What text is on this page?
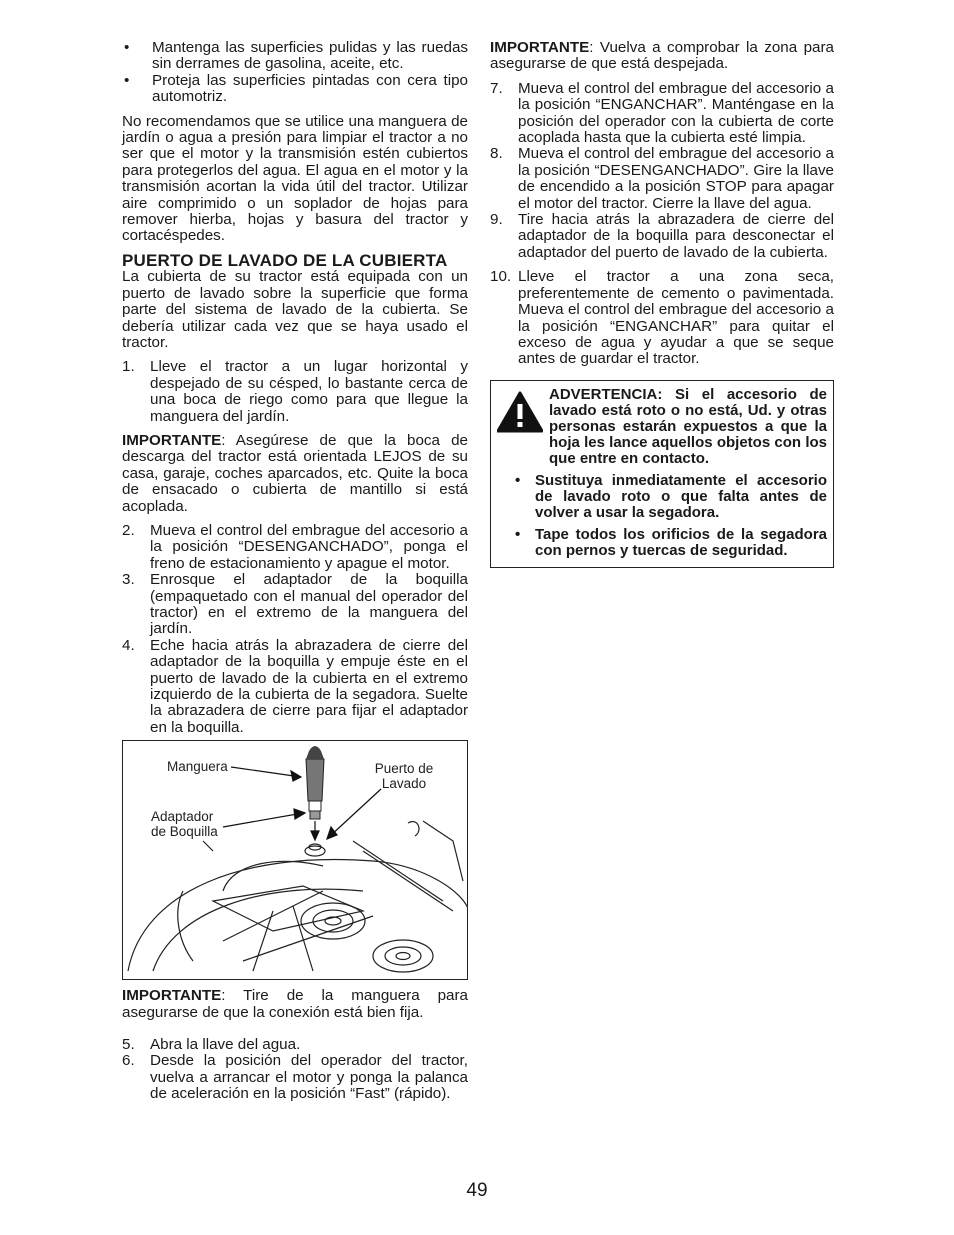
•	Mantenga las superficies pulidas y las ruedas sin derrames de gasolina, aceite, etc.
•	Proteja las superficies pintadas con cera tipo automotriz.

No recomendamos que se utilice una manguera de jardín o agua a presión para limpiar el tractor a no ser que el motor y la transmisión estén cubiertos para protegerlos del agua. El agua en el motor y la transmisión acortan la vida útil del tractor. Utilizar aire comprimido o un soplador de hojas para remover hierba, hojas y basura del tractor y cortacéspedes.

PUERTO DE LAVADO DE LA CUBIERTA

La cubierta de su tractor está equipada con un puerto de lavado sobre la superficie que forma parte del sistema de lavado de la cubierta. Se debería utilizar cada vez que se haya usado el tractor.

1.	Lleve el tractor a un lugar horizontal y despejado de su césped, lo bastante cerca de una boca de riego como para que llegue la manguera del jardín.

IMPORTANTE: Asegúrese de que la boca de descarga del tractor está orientada LEJOS de su casa, garaje, coches aparcados, etc. Quite la boca de ensacado o cubierta de mantillo si está acoplada.

2.	Mueva el control del embrague del accesorio a la posición “DESENGANCHADO”, ponga el freno de estacionamiento y apague el motor.
3.	Enrosque el adaptador de la boquilla (empaquetado con el manual del operador del tractor) en el extremo de la manguera del jardín.
4.	Eche hacia atrás la abrazadera de cierre del adaptador de la boquilla y empuje éste en el puerto de lavado de la cubierta en el extremo izquierdo de la cubierta de la segadora. Suelte la abrazadera de cierre para fijar el adaptador en la boquilla.
Manguera	Puerto de Lavado
Adaptador de Boquilla

IMPORTANTE: Tire de la manguera para asegurarse de que la conexión está bien fija.

5.	Abra la llave del agua.
6.	Desde la posición del operador del tractor, vuelva a arrancar el motor y ponga la palanca de aceleración en la posición “Fast” (rápido).

IMPORTANTE: Vuelva a comprobar la zona para asegurarse de que está despejada.

7.	Mueva el control del embrague del accesorio a la posición “ENGANCHAR”. Manténgase en la posición del operador con la cubierta de corte acoplada hasta que la cubierta esté limpia.
8.	Mueva el control del embrague del accesorio a la posición “DESENGANCHADO”. Gire la llave de encendido a la posición STOP para apagar el motor del tractor. Cierre la llave del agua.
9.	Tire hacia atrás la abrazadera de cierre del adaptador de la boquilla para desconectar el adaptador del puerto de lavado de la cubierta.
10. Lleve el tractor a una zona seca, preferentemente de cemento o pavimentada. Mueva el control del embrague del accesorio a la posición “ENGANCHAR” para quitar el exceso de agua y ayudar a que se seque antes de guardar el tractor.
ADVERTENCIA: Si el accesorio de lavado está roto o no está, Ud. y otras personas estarán expuestos a que la hoja les lance aquellos objetos con los que entre en contacto.
• Sustituya inmediatamente el accesorio de lavado roto o que falta antes de volver a usar la segadora.
• Tape todos los orificios de la segadora con pernos y tuercas de seguridad.
49
